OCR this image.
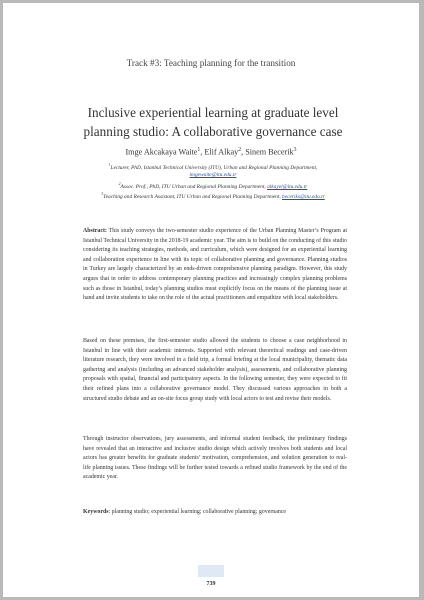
Track #3: Teaching planning for the transition
Inclusive experiential learning at graduate level
planning studio: A collaborative governance case
Imge Akcakaya Waite$^1$, Elif Alkay$^2$, Sinem Becerik$^3$
$^1$Lecturer, PhD, Istanbul Technical University (ITU), Urban and Regional Planning Department,
imgewaite@itu.edu.tr
$^2$Assoc. Prof., PhD, ITU Urban and Regional Planning Department, alkayel@itu.edu.tr
$^3$Teaching and Research Assistant, ITU Urban and Regional Planning Department, beceriks@itu.edu.tr
Abstract: This study conveys the two-semester studio experience of the Urban Planning Master’s Program at Istanbul Technical University in the 2018-19 academic year. The aim is to build on the conducting of this studio considering its teaching strategies, methods, and curriculum, which were designed for an experiential learning and collaboration experience in line with its topic of collaborative planning and governance. Planning studios in Turkey are largely characterized by an ends-driven comprehensive planning paradigm. However, this study argues that in order to address contemporary planning practices and increasingly complex planning problems such as those in Istanbul, today’s planning studios must explicitly focus on the means of the planning issue at hand and invite students to take on the role of the actual practitioners and empathize with local stakeholders.
Based on these premises, the first-semester studio allowed the students to choose a case neighborhood in Istanbul in line with their academic interests. Supported with relevant theoretical readings and case-driven literature research, they were involved in a field trip, a formal briefing at the local municipality, thematic data gathering and analysis (including an advanced stakeholder analysis), assessments, and collaborative planning proposals with spatial, financial and participatory aspects. In the following semester, they were expected to fit their refined plans into a collaborative governance model. They discussed various approaches in both a structured studio debate and an on-site focus group study with local actors to test and revise their models.
Through instructor observations, jury assessments, and informal student feedback, the preliminary findings have revealed that an interactive and inclusive studio design which actively involves both students and local actors has greater benefits for graduate students’ motivation, comprehension, and solution generation to real-life planning issues. These findings will be further tested towards a refined studio framework by the end of the academic year.
Keywords: planning studio; experiential learning; collaborative planning; governance
739
